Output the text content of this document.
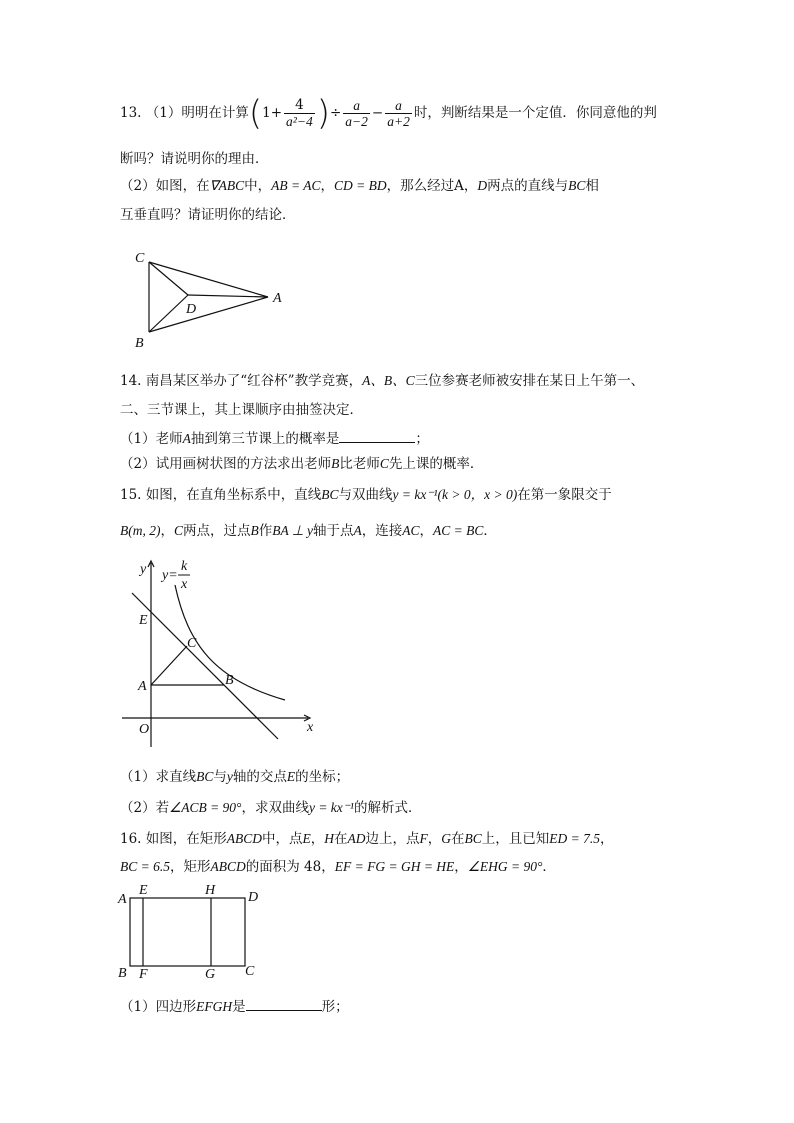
13. （1）明明在计算($1+ \frac{4}{\text{a²−4}}$ )÷ $\frac{a}{a-2} - \frac{a}{a+2}$ 时，判断结果是一个定值．你同意他的判
断吗？请说明你的理由．
（2）如图，在∇ABC中，AB = AC，CD = BD，那么经过A，D两点的直线与BC相
互垂直吗？请证明你的结论．
C
D
A
B
14. 南昌某区举办了“红谷杯”教学竞赛，A、B、C三位参赛老师被安排在某日上午第一、
二、三节课上，其上课顺序由抽签决定．
（1）老师A抽到第三节课上的概率是	；
（2）试用画树状图的方法求出老师B比老师C先上课的概率．
15. 如图，在直角坐标系中，直线BC与双曲线y = kx⁻¹(k > 0，x > 0)在第一象限交于
B(m, 2)，C两点，过点B作BA ⊥ y轴于点A，连接AC，AC = BC．
y y=
k
x
E
C
A	B
O	x
（1）求直线BC与y轴的交点E的坐标；
（2）若∠ACB = 90°，求双曲线y = kx⁻¹的解析式．
16. 如图，在矩形ABCD中，点E，H在AD边上，点F，G在BC上，且已知ED = 7.5，
BC = 6.5，矩形ABCD的面积为 48，EF = FG = GH = HE，∠EHG = 90°．
A
E	H D
B F	G C
（1）四边形EFGH是	形；
